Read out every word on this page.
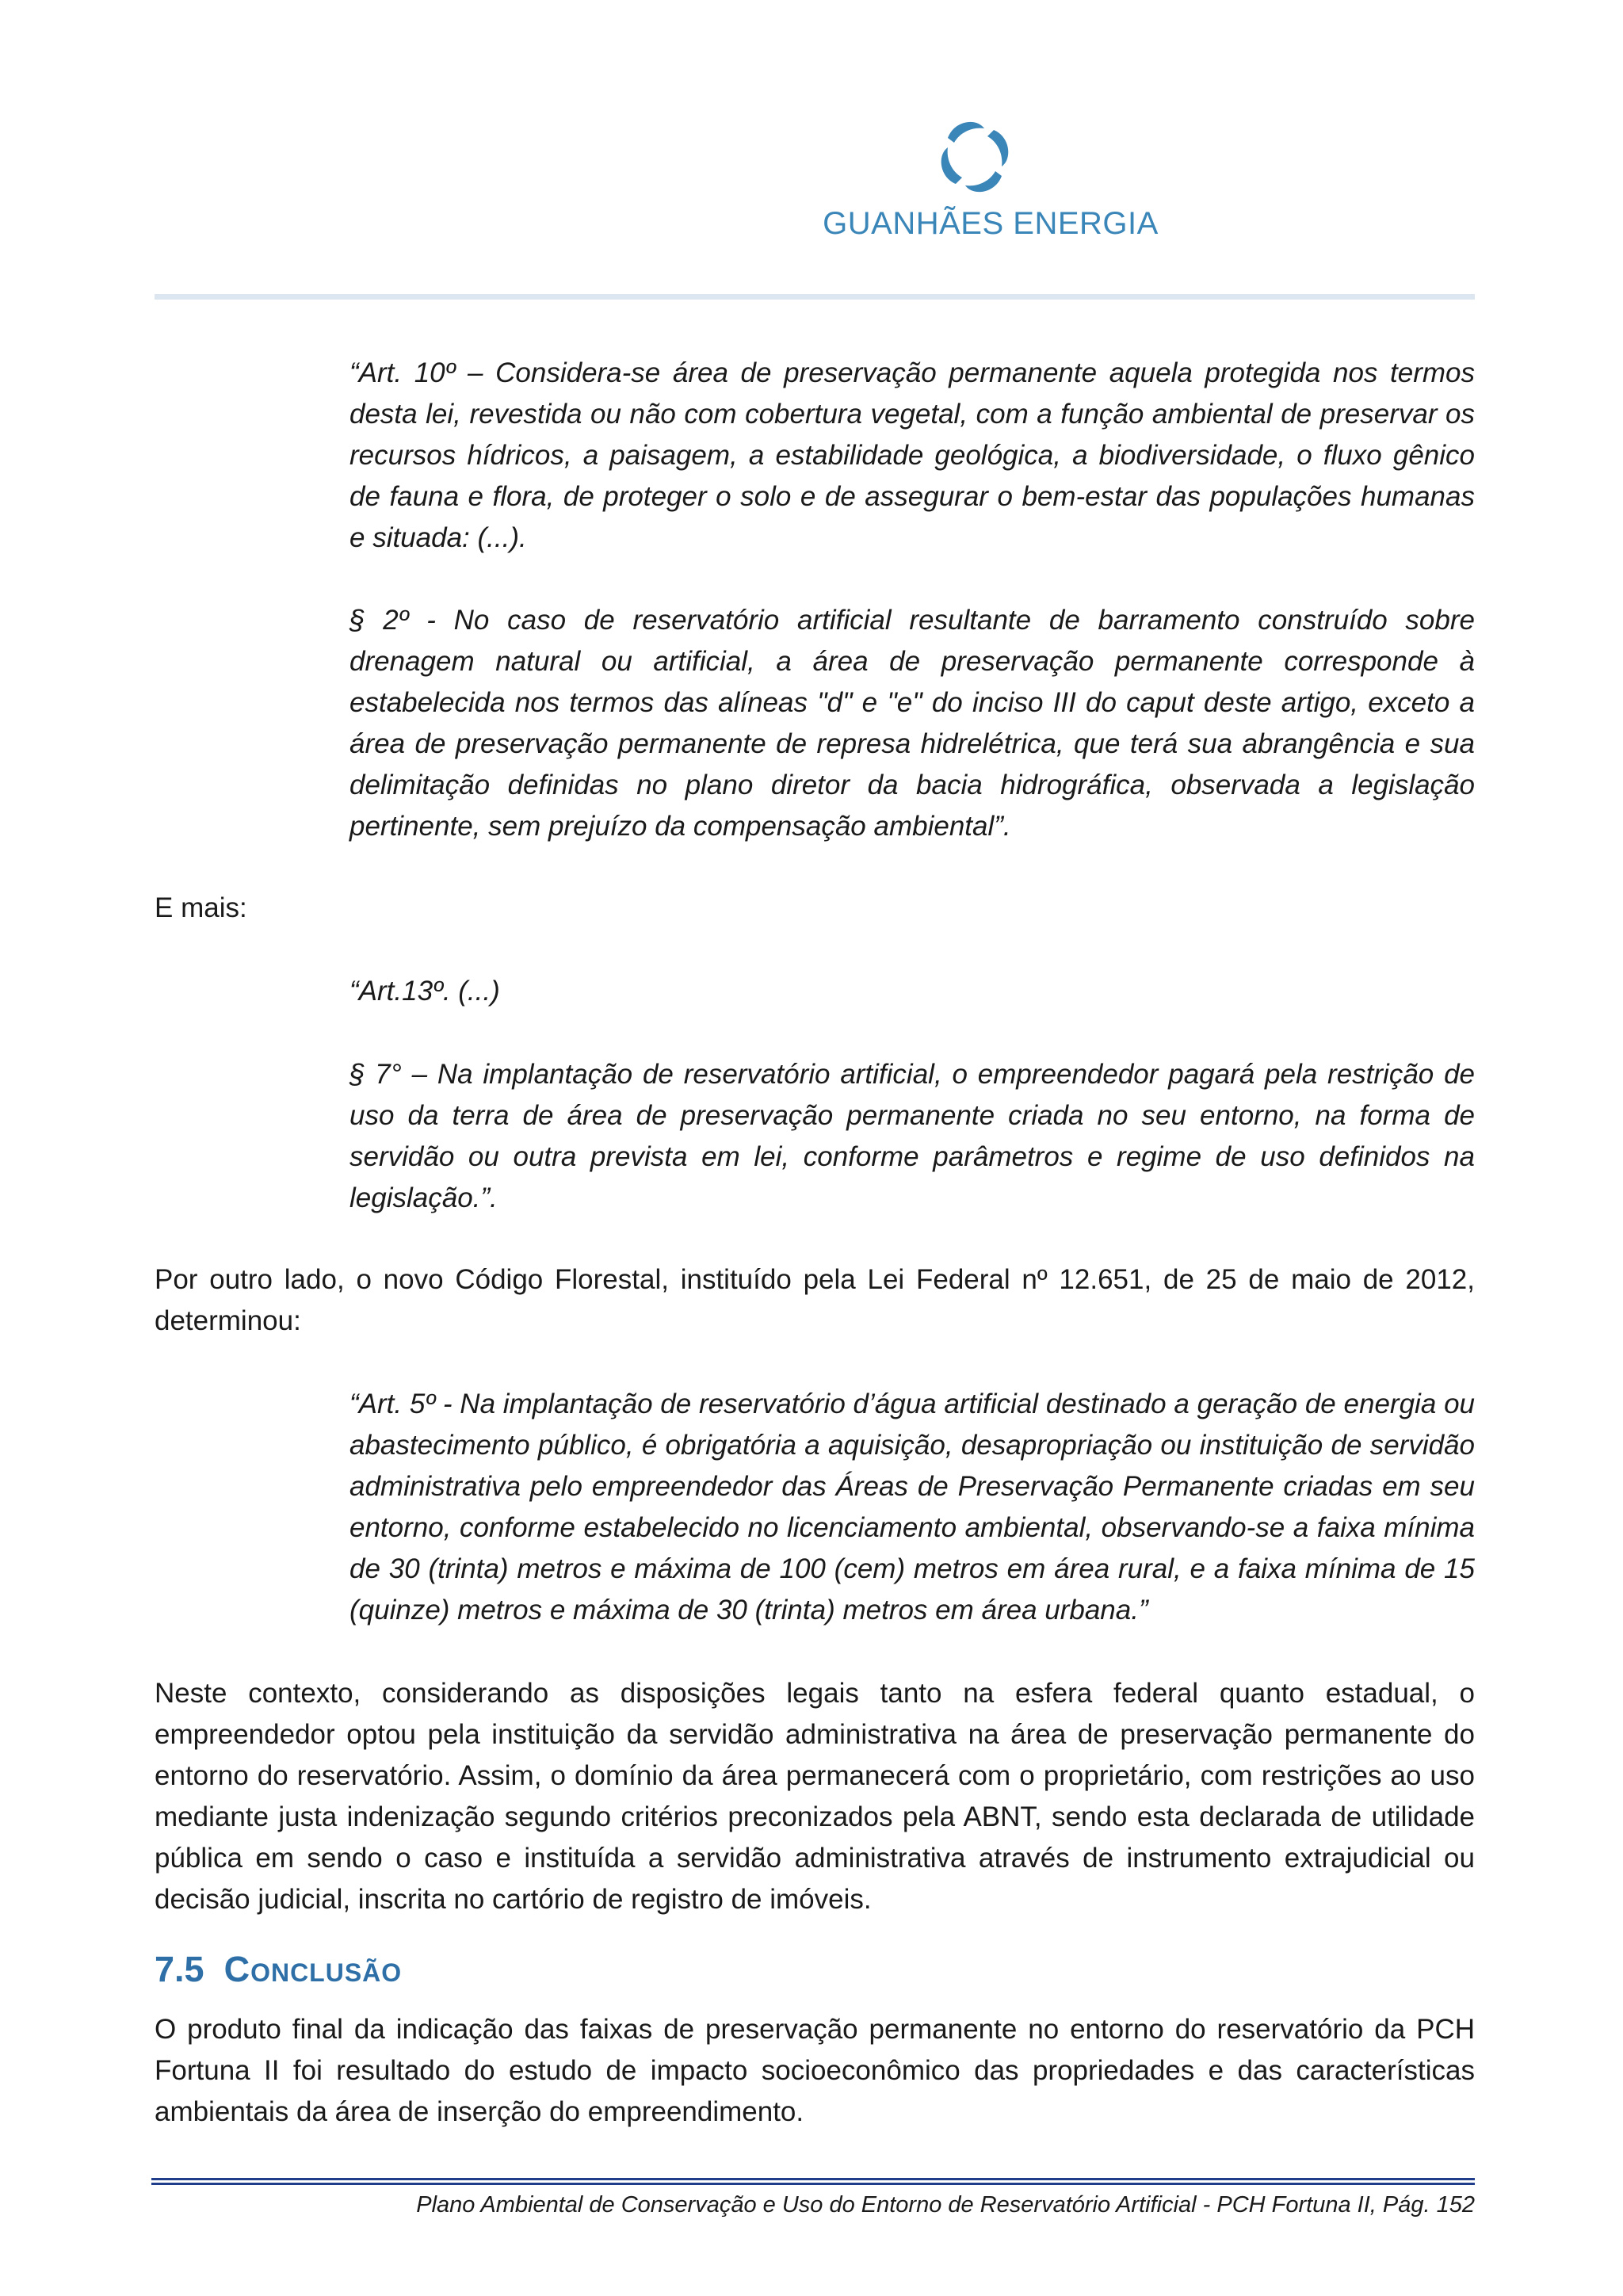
GUANHÃES ENERGIA

“Art. 10º – Considera-se área de preservação permanente aquela protegida nos termos desta lei, revestida ou não com cobertura vegetal, com a função ambiental de preservar os recursos hídricos, a paisagem, a estabilidade geológica, a biodiversidade, o fluxo gênico de fauna e flora, de proteger o solo e de assegurar o bem-estar das populações humanas e situada: (...).

§ 2º - No caso de reservatório artificial resultante de barramento construído sobre drenagem natural ou artificial, a área de preservação permanente corresponde à estabelecida nos termos das alíneas "d" e "e" do inciso III do caput deste artigo, exceto a área de preservação permanente de represa hidrelétrica, que terá sua abrangência e sua delimitação definidas no plano diretor da bacia hidrográfica, observada a legislação pertinente, sem prejuízo da compensação ambiental”.

E mais:

“Art.13º. (...)

§ 7° – Na implantação de reservatório artificial, o empreendedor pagará pela restrição de uso da terra de área de preservação permanente criada no seu entorno, na forma de servidão ou outra prevista em lei, conforme parâmetros e regime de uso definidos na legislação.”.

Por outro lado, o novo Código Florestal, instituído pela Lei Federal nº 12.651, de 25 de maio de 2012, determinou:

“Art. 5º - Na implantação de reservatório d’água artificial destinado a geração de energia ou abastecimento público, é obrigatória a aquisição, desapropriação ou instituição de servidão administrativa pelo empreendedor das Áreas de Preservação Permanente criadas em seu entorno, conforme estabelecido no licenciamento ambiental, observando-se a faixa mínima de 30 (trinta) metros e máxima de 100 (cem) metros em área rural, e a faixa mínima de 15 (quinze) metros e máxima de 30 (trinta) metros em área urbana.”

Neste contexto, considerando as disposições legais tanto na esfera federal quanto estadual, o empreendedor optou pela instituição da servidão administrativa na área de preservação permanente do entorno do reservatório. Assim, o domínio da área permanecerá com o proprietário, com restrições ao uso mediante justa indenização segundo critérios preconizados pela ABNT, sendo esta declarada de utilidade pública em sendo o caso e instituída a servidão administrativa através de instrumento extrajudicial ou decisão judicial, inscrita no cartório de registro de imóveis.

7.5 Conclusão

O produto final da indicação das faixas de preservação permanente no entorno do reservatório da PCH Fortuna II foi resultado do estudo de impacto socioeconômico das propriedades e das características ambientais da área de inserção do empreendimento.

Plano Ambiental de Conservação e Uso do Entorno de Reservatório Artificial - PCH Fortuna II, Pág. 152
